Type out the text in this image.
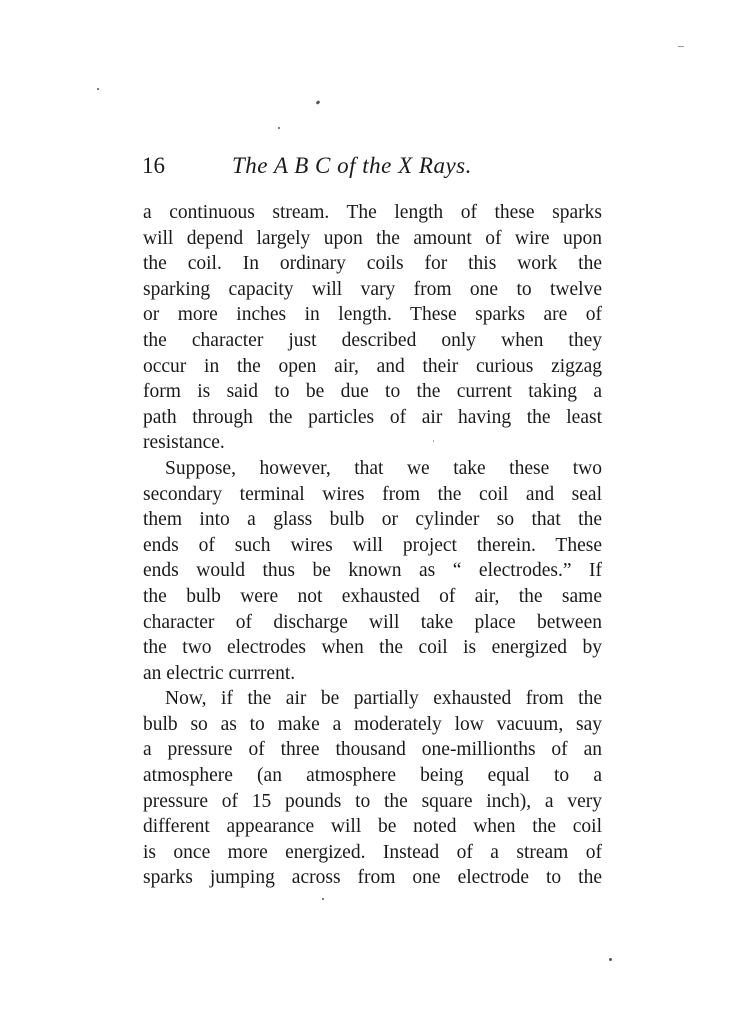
16	The A B C of the X Rays.
a continuous stream. The length of these sparks
will depend largely upon the amount of wire upon
the coil. In ordinary coils for this work the
sparking capacity will vary from one to twelve
or more inches in length. These sparks are of
the character just described only when they
occur in the open air, and their curious zigzag
form is said to be due to the current taking a
path through the particles of air having the least
resistance.
Suppose, however, that we take these two
secondary terminal wires from the coil and seal
them into a glass bulb or cylinder so that the
ends of such wires will project therein. These
ends would thus be known as “ electrodes.” If
the bulb were not exhausted of air, the same
character of discharge will take place between
the two electrodes when the coil is energized by
an electric currrent.
Now, if the air be partially exhausted from the
bulb so as to make a moderately low vacuum, say
a pressure of three thousand one-millionths of an
atmosphere (an atmosphere being equal to a
pressure of 15 pounds to the square inch), a very
different appearance will be noted when the coil
is once more energized. Instead of a stream of
sparks jumping across from one electrode to the
